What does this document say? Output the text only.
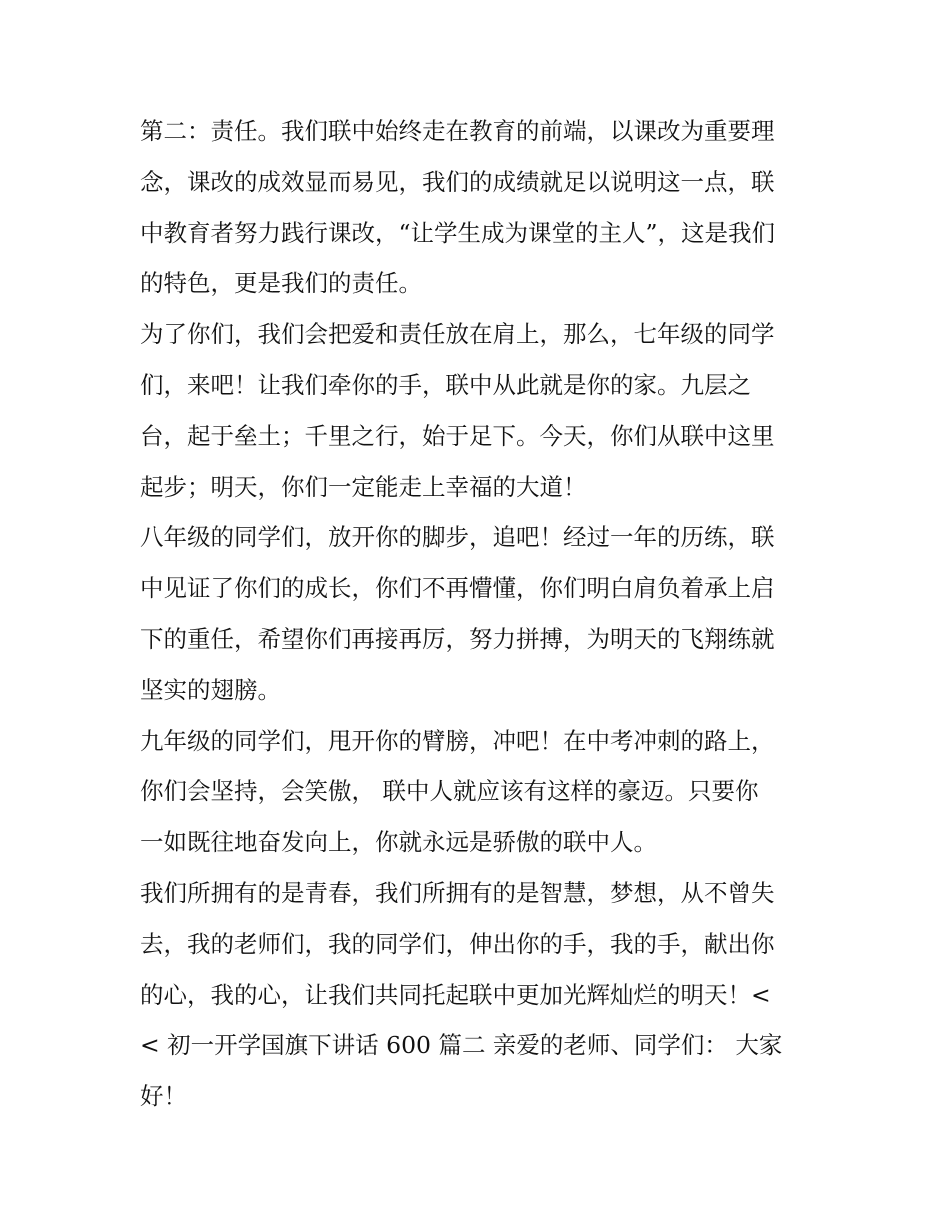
第二：责任。我们联中始终走在教育的前端，以课改为重要理
念，课改的成效显而易见，我们的成绩就足以说明这一点，联
中教育者努力践行课改，“让学生成为课堂的主人”，这是我们
的特色，更是我们的责任。
为了你们，我们会把爱和责任放在肩上，那么，七年级的同学
们，来吧！让我们牵你的手，联中从此就是你的家。九层之
台，起于垒土；千里之行，始于足下。今天，你们从联中这里
起步；明天，你们一定能走上幸福的大道！
八年级的同学们，放开你的脚步，追吧！经过一年的历练，联
中见证了你们的成长，你们不再懵懂，你们明白肩负着承上启
下的重任，希望你们再接再厉，努力拼搏，为明天的飞翔练就
坚实的翅膀。
九年级的同学们，甩开你的臂膀，冲吧！在中考冲刺的路上，
你们会坚持，会笑傲， 联中人就应该有这样的豪迈。只要你
一如既往地奋发向上，你就永远是骄傲的联中人。
我们所拥有的是青春，我们所拥有的是智慧，梦想，从不曾失
去，我的老师们，我的同学们，伸出你的手，我的手，献出你
的心，我的心，让我们共同托起联中更加光辉灿烂的明天！<
< 初一开学国旗下讲话 600 篇二 亲爱的老师、同学们： 大家
好！
